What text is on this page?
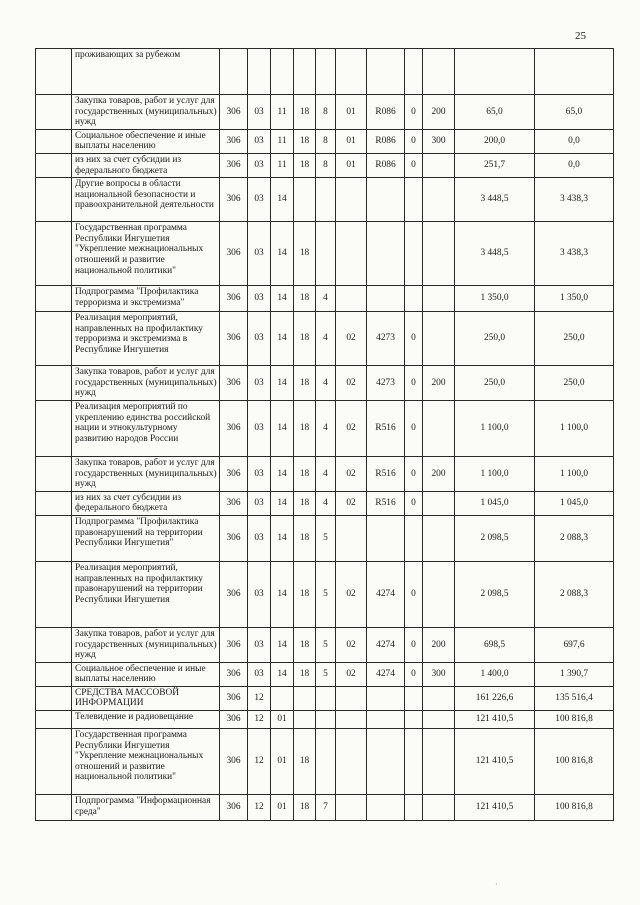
25
	проживающих за рубежом											
	Закупка товаров, работ и услуг для государственных (муниципальных) нужд	306	03	11	18	8	01	R086	0	200	65,0	65,0
	Социальное обеспечение и иные выплаты населению	306	03	11	18	8	01	R086	0	300	200,0	0,0
	из них за счет субсидии из федерального бюджета	306	03	11	18	8	01	R086	0		251,7	0,0
	Другие вопросы в области национальной безопасности и правоохранительной деятельности	306	03	14							3 448,5	3 438,3
	Государственная программа Республики Ингушетия "Укрепление межнациональных отношений и развитие национальной политики"	306	03	14	18						3 448,5	3 438,3
	Подпрограмма "Профилактика терроризма и экстремизма"	306	03	14	18	4					1 350,0	1 350,0
	Реализация мероприятий, направленных на профилактику терроризма и экстремизма в Республике Ингушетия	306	03	14	18	4	02	4273	0		250,0	250,0
	Закупка товаров, работ и услуг для государственных (муниципальных) нужд	306	03	14	18	4	02	4273	0	200	250,0	250,0
	Реализация мероприятий по укреплению единства российской нации и этнокультурному развитию народов России	306	03	14	18	4	02	R516	0		1 100,0	1 100,0
	Закупка товаров, работ и услуг для государственных (муниципальных) нужд	306	03	14	18	4	02	R516	0	200	1 100,0	1 100,0
	из них за счет субсидии из федерального бюджета	306	03	14	18	4	02	R516	0		1 045,0	1 045,0
	Подпрограмма "Профилактика правонарушений на территории Республики Ингушетия"	306	03	14	18	5					2 098,5	2 088,3
	Реализация мероприятий, направленных на профилактику правонарушений на территории Республики Ингушетия	306	03	14	18	5	02	4274	0		2 098,5	2 088,3
	Закупка товаров, работ и услуг для государственных (муниципальных) нужд	306	03	14	18	5	02	4274	0	200	698,5	697,6
	Социальное обеспечение и иные выплаты населению	306	03	14	18	5	02	4274	0	300	1 400,0	1 390,7
	СРЕДСТВА МАССОВОЙ ИНФОРМАЦИИ	306	12								161 226,6	135 516,4
	Телевидение и радиовещание	306	12	01							121 410,5	100 816,8
	Государственная программа Республики Ингушетия "Укрепление межнациональных отношений и развитие национальной политики"	306	12	01	18						121 410,5	100 816,8
	Подпрограмма "Информационная среда"	306	12	01	18	7					121 410,5	100 816,8
·
